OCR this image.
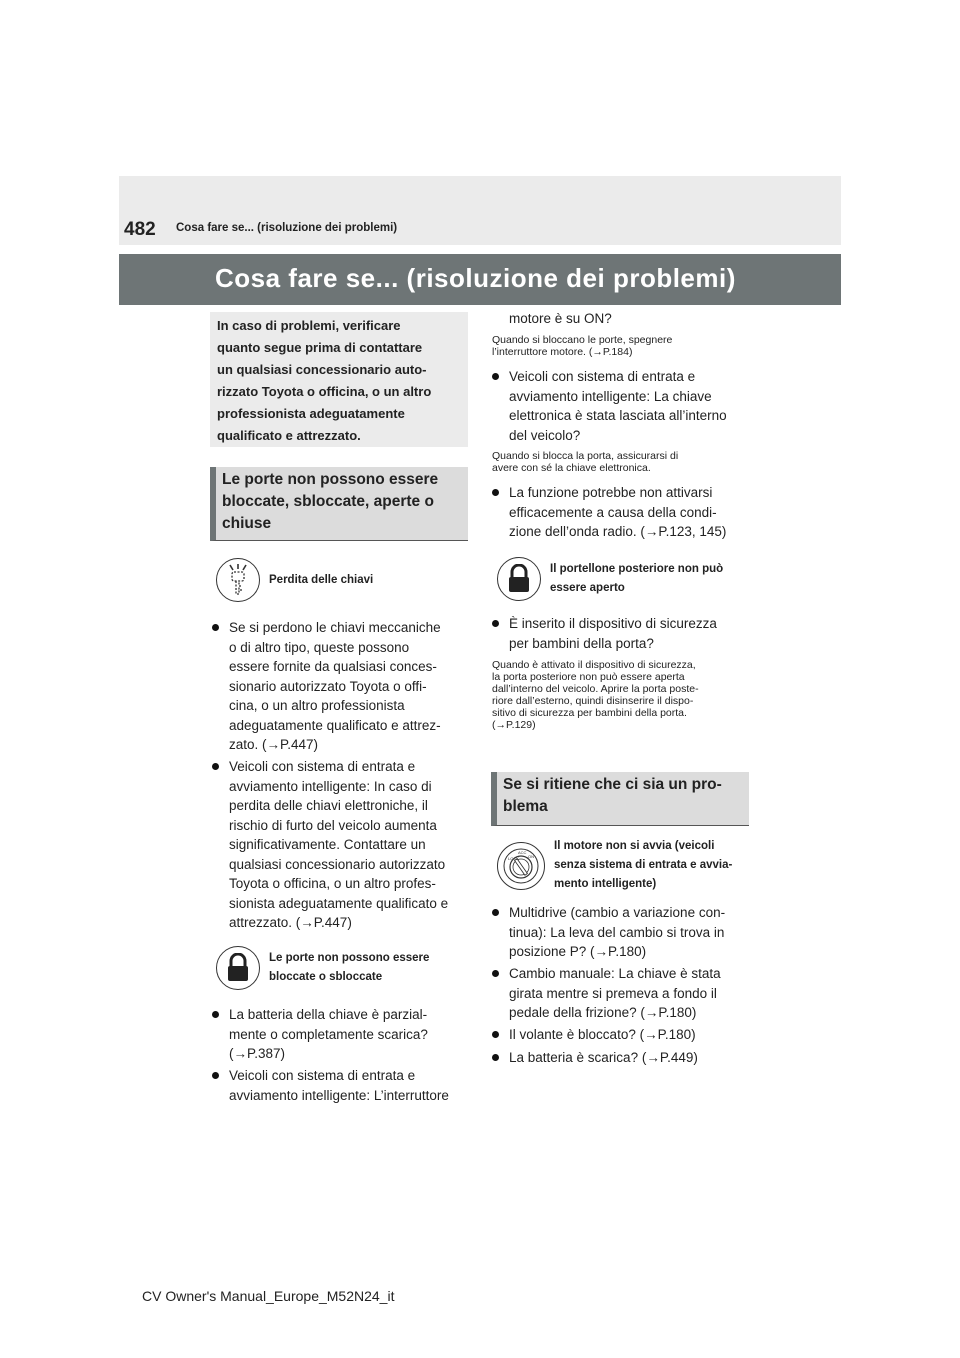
482 Cosa fare se... (risoluzione dei problemi)
Cosa fare se... (risoluzione dei problemi)

In caso di problemi, verificare

quanto segue prima di contattare

un qualsiasi concessionario auto-

rizzato Toyota o officina, o un altro

professionista adeguatamente

qualificato e attrezzato.

Le porte non possono essere
bloccate, sbloccate, aperte o
chiuse
Perdita delle chiavi
Se si perdono le chiavi meccaniche
o di altro tipo, queste possono
essere fornite da qualsiasi conces-
sionario autorizzato Toyota o offi-
cina, o un altro professionista
adeguatamente qualificato e attrez-
zato. (→P.447)
Veicoli con sistema di entrata e
avviamento intelligente: In caso di
perdita delle chiavi elettroniche, il
rischio di furto del veicolo aumenta
significativamente. Contattare un
qualsiasi concessionario autorizzato
Toyota o officina, o un altro profes-
sionista adeguatamente qualificato e
attrezzato. (→P.447)
Le porte non possono essere
bloccate o sbloccate
La batteria della chiave è parzial-
mente o completamente scarica?
(→P.387)
Veicoli con sistema di entrata e
avviamento intelligente: L’interruttore
motore è su ON?
Quando si bloccano le porte, spegnere
l’interruttore motore. (→P.184)
Veicoli con sistema di entrata e
avviamento intelligente: La chiave
elettronica è stata lasciata all’interno
del veicolo?
Quando si blocca la porta, assicurarsi di
avere con sé la chiave elettronica.
La funzione potrebbe non attivarsi
efficacemente a causa della condi-
zione dell’onda radio. (→P.123, 145)
Il portellone posteriore non può
essere aperto
È inserito il dispositivo di sicurezza
per bambini della porta?
Quando è attivato il dispositivo di sicurezza,
la porta posteriore non può essere aperta
dall’interno del veicolo. Aprire la porta poste-
riore dall’esterno, quindi disinserire il dispo-
sitivo di sicurezza per bambini della porta.
(→P.129)
Se si ritiene che ci sia un pro-
blema
LOCK
ACC
ON
Il motore non si avvia (veicoli
senza sistema di entrata e avvia-
mento intelligente)
Multidrive (cambio a variazione con-
tinua): La leva del cambio si trova in
posizione P? (→P.180)
Cambio manuale: La chiave è stata
girata mentre si premeva a fondo il
pedale della frizione? (→P.180)
Il volante è bloccato? (→P.180)
La batteria è scarica? (→P.449)
CV Owner's Manual_Europe_M52N24_it
